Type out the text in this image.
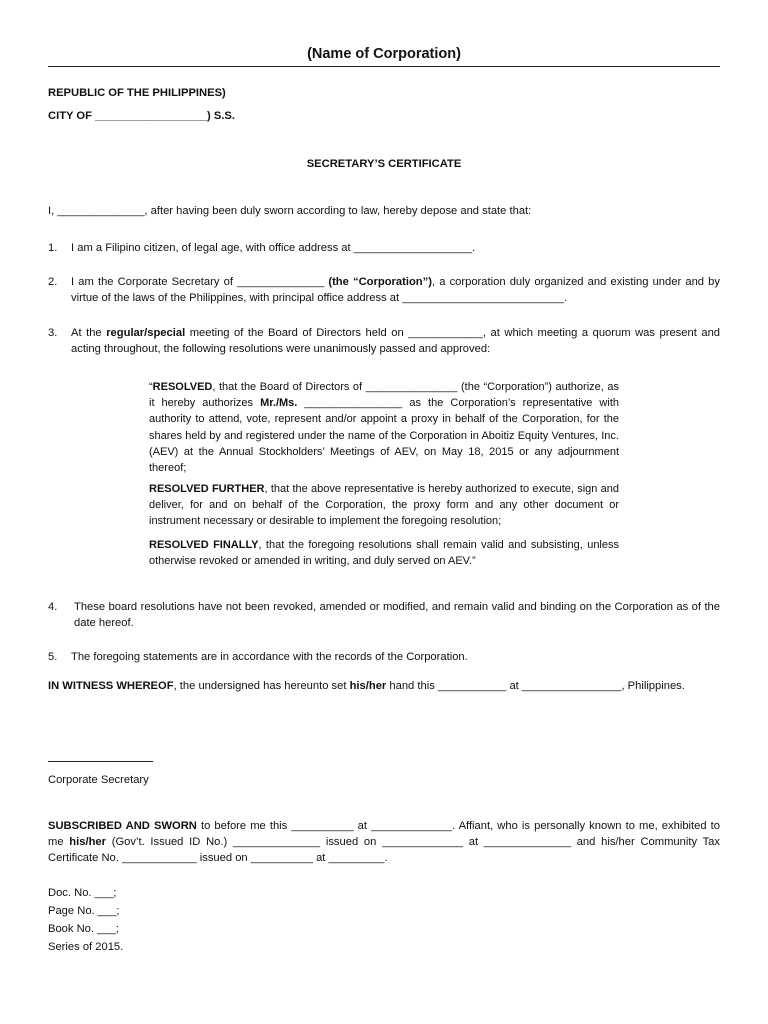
(Name of Corporation)
REPUBLIC OF THE PHILIPPINES)
CITY OF __________________) S.S.
SECRETARY’S CERTIFICATE
I, ______________, after having been duly sworn according to law, hereby depose and state that:
1. I am a Filipino citizen, of legal age, with office address at ___________________.
2. I am the Corporate Secretary of ______________ (the “Corporation”), a corporation duly organized and existing under and by virtue of the laws of the Philippines, with principal office address at __________________________.
3. At the regular/special meeting of the Board of Directors held on ____________, at which meeting a quorum was present and acting throughout, the following resolutions were unanimously passed and approved:
“RESOLVED, that the Board of Directors of _______________ (the “Corporation”) authorize, as it hereby authorizes Mr./Ms. ________________ as the Corporation’s representative with authority to attend, vote, represent and/or appoint a proxy in behalf of the Corporation, for the shares held by and registered under the name of the Corporation in Aboitiz Equity Ventures, Inc. (AEV) at the Annual Stockholders’ Meetings of AEV, on May 18, 2015 or any adjournment thereof;
RESOLVED FURTHER, that the above representative is hereby authorized to execute, sign and deliver, for and on behalf of the Corporation, the proxy form and any other document or instrument necessary or desirable to implement the foregoing resolution;
RESOLVED FINALLY, that the foregoing resolutions shall remain valid and subsisting, unless otherwise revoked or amended in writing, and duly served on AEV.”
4. These board resolutions have not been revoked, amended or modified, and remain valid and binding on the Corporation as of the date hereof.
5. The foregoing statements are in accordance with the records of the Corporation.
IN WITNESS WHEREOF, the undersigned has hereunto set his/her hand this ___________ at ________________, Philippines.
Corporate Secretary
SUBSCRIBED AND SWORN to before me this __________ at _____________. Affiant, who is personally known to me, exhibited to me his/her (Gov’t. Issued ID No.) ______________ issued on _____________ at ______________ and his/her Community Tax Certificate No. ____________ issued on __________ at _________.
Doc. No. ___;
Page No. ___;
Book No. ___;
Series of 2015.
